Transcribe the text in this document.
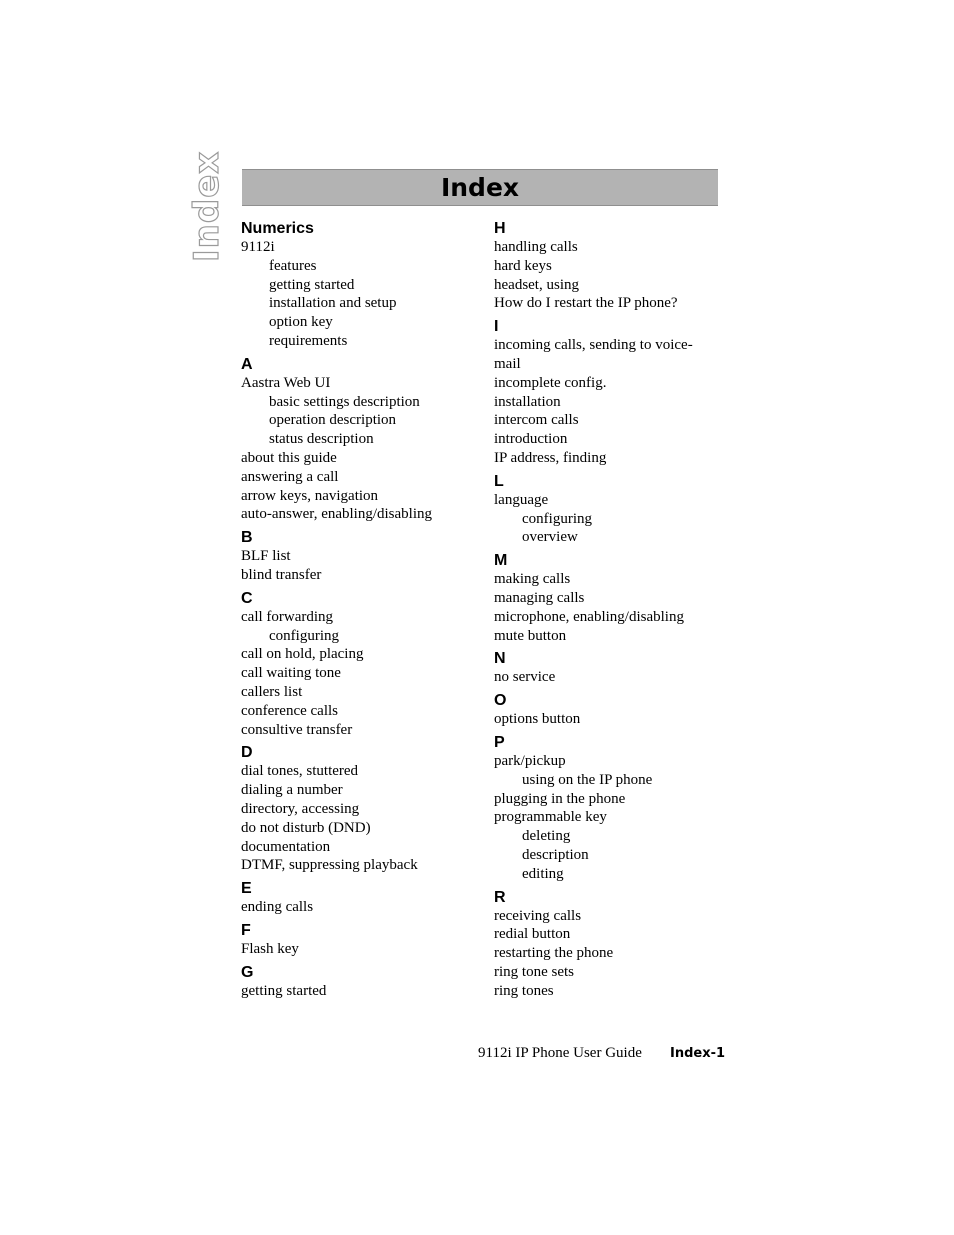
Index	Index
Numerics
9112i
features
getting started
installation and setup
option key
requirements
A
Aastra Web UI
basic settings description
operation description
status description
about this guide
answering a call
arrow keys, navigation
auto-answer, enabling/disabling
B
BLF list
blind transfer
C
call forwarding
configuring
call on hold, placing
call waiting tone
callers list
conference calls
consultive transfer
D
dial tones, stuttered
dialing a number
directory, accessing
do not disturb (DND)
documentation
DTMF, suppressing playback
E
ending calls
F
Flash key
G
getting started
H
handling calls
hard keys
headset, using
How do I restart the IP phone?
I
incoming calls, sending to voice-mail
incomplete config.
installation
intercom calls
introduction
IP address, finding
L
language
configuring
overview
M
making calls
managing calls
microphone, enabling/disabling
mute button
N
no service
O
options button
P
park/pickup
using on the IP phone
plugging in the phone
programmable key
deleting
description
editing
R
receiving calls
redial button
restarting the phone
ring tone sets
ring tones
9112i IP Phone User Guide Index-1
